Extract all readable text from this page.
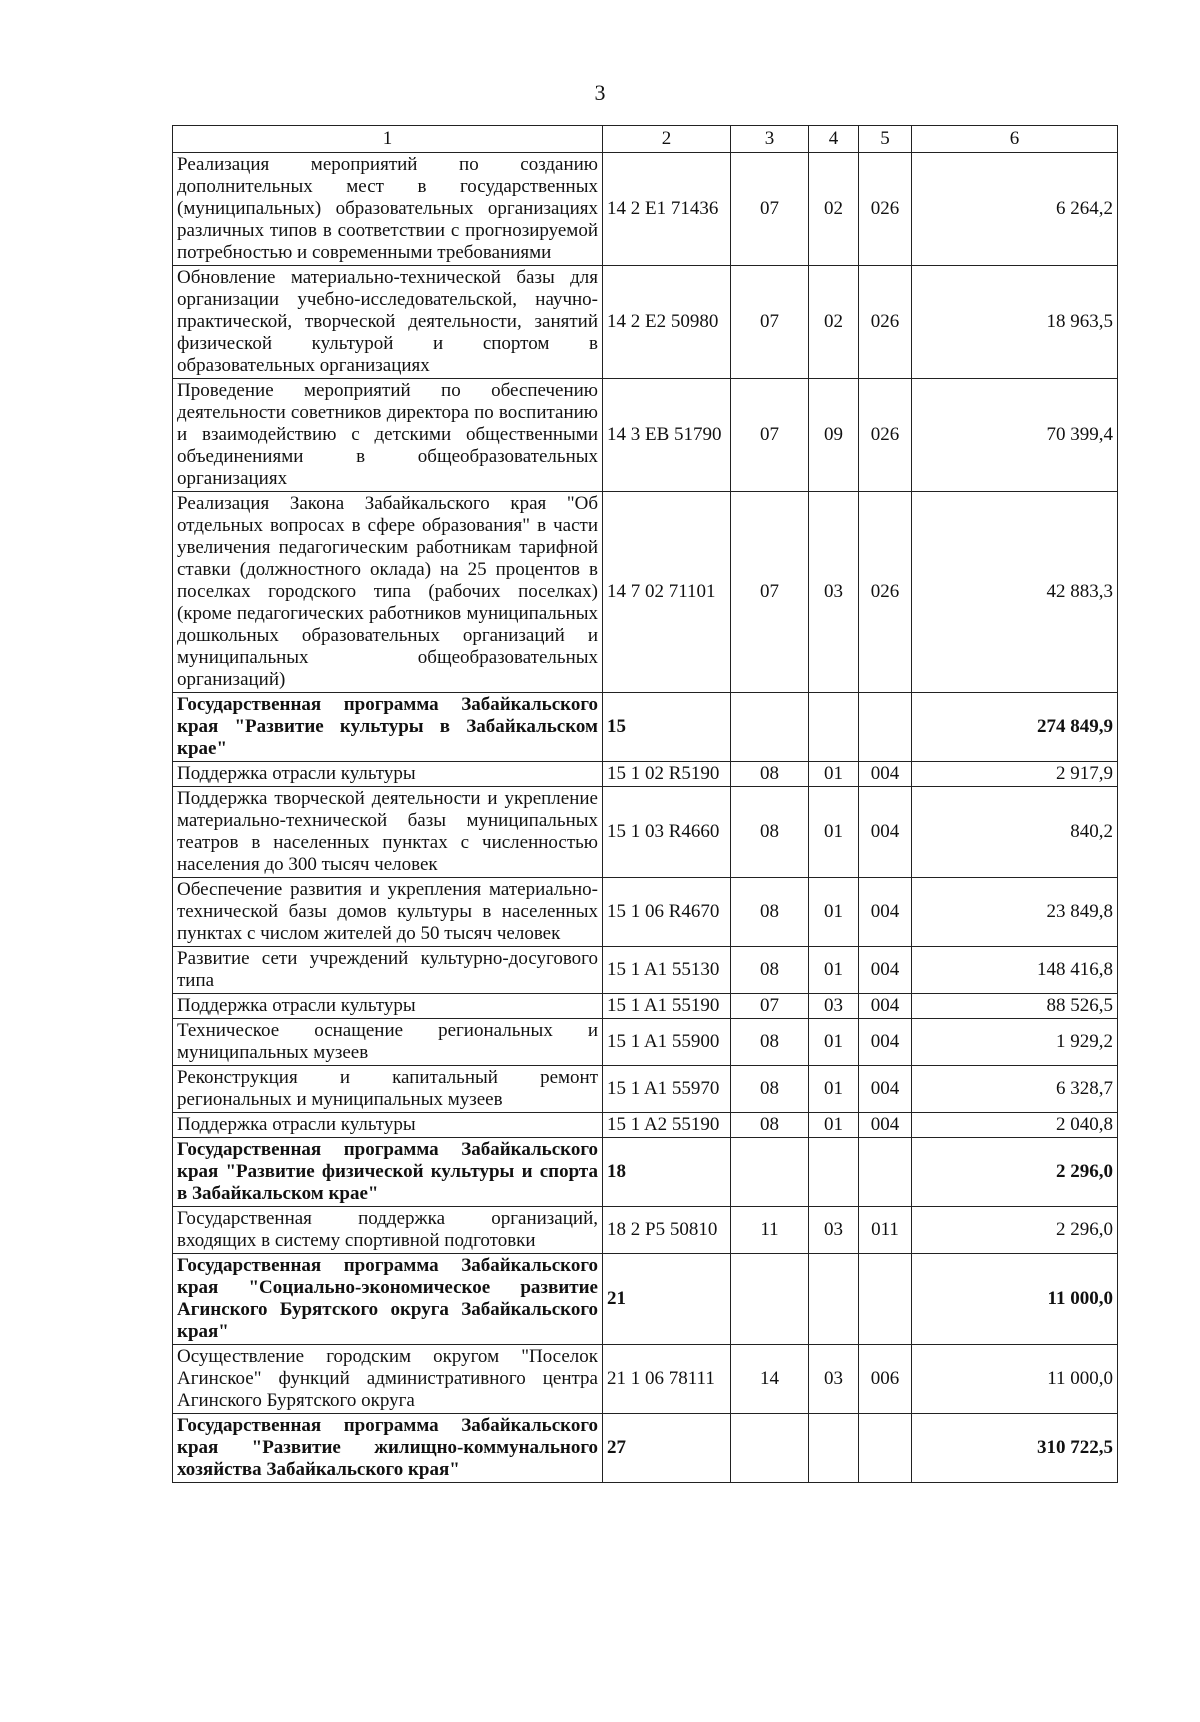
3
1	2	3	4	5	6
Реализация мероприятий по созданию дополнительных мест в государственных (муниципальных) образовательных организациях различных типов в соответствии с прогнозируемой потребностью и современными требованиями	14 2 E1 71436	07	02	026	6 264,2
Обновление материально-технической базы для организации учебно-исследовательской, научно-практической, творческой деятельности, занятий физической культурой и спортом в образовательных организациях	14 2 E2 50980	07	02	026	18 963,5
Проведение мероприятий по обеспечению деятельности советников директора по воспитанию и взаимодействию с детскими общественными объединениями в общеобразовательных организациях	14 3 EB 51790	07	09	026	70 399,4
Реализация Закона Забайкальского края "Об отдельных вопросах в сфере образования" в части увеличения педагогическим работникам тарифной ставки (должностного оклада) на 25 процентов в поселках городского типа (рабочих поселках) (кроме педагогических работников муниципальных дошкольных образовательных организаций и муниципальных общеобразовательных организаций)	14 7 02 71101	07	03	026	42 883,3
Государственная программа Забайкальского края "Развитие культуры в Забайкальском крае"	15				274 849,9
Поддержка отрасли культуры	15 1 02 R5190	08	01	004	2 917,9
Поддержка творческой деятельности и укрепление материально-технической базы муниципальных театров в населенных пунктах с численностью населения до 300 тысяч человек	15 1 03 R4660	08	01	004	840,2
Обеспечение развития и укрепления материально-технической базы домов культуры в населенных пунктах с числом жителей до 50 тысяч человек	15 1 06 R4670	08	01	004	23 849,8
Развитие сети учреждений культурно-досугового типа	15 1 A1 55130	08	01	004	148 416,8
Поддержка отрасли культуры	15 1 A1 55190	07	03	004	88 526,5
Техническое оснащение региональных и муниципальных музеев	15 1 A1 55900	08	01	004	1 929,2
Реконструкция и капитальный ремонт региональных и муниципальных музеев	15 1 A1 55970	08	01	004	6 328,7
Поддержка отрасли культуры	15 1 A2 55190	08	01	004	2 040,8
Государственная программа Забайкальского края "Развитие физической культуры и спорта в Забайкальском крае"	18				2 296,0
Государственная поддержка организаций, входящих в систему спортивной подготовки	18 2 P5 50810	11	03	011	2 296,0
Государственная программа Забайкальского края "Социально-экономическое развитие Агинского Бурятского округа Забайкальского края"	21				11 000,0
Осуществление городским округом "Поселок Агинское" функций административного центра Агинского Бурятского округа	21 1 06 78111	14	03	006	11 000,0
Государственная программа Забайкальского края "Развитие жилищно-коммунального хозяйства Забайкальского края"	27				310 722,5
